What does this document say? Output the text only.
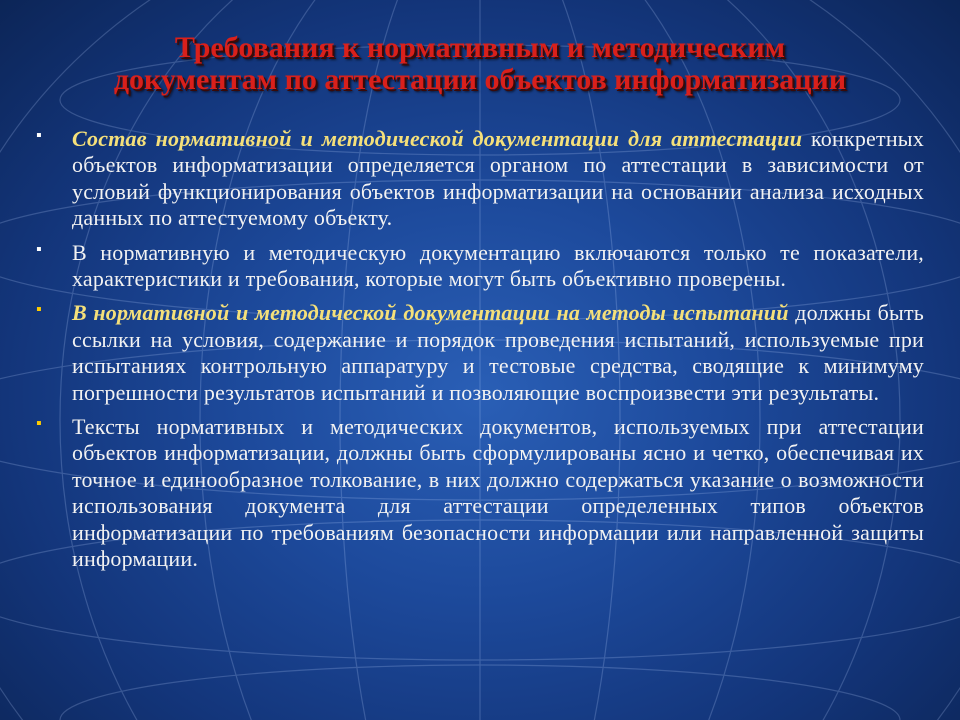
Требования к нормативным и методическим
документам по аттестации объектов информатизации
▪ Состав нормативной и методической документации для аттестации конкретных объектов информатизации определяется органом по аттестации в зависимости от условий функционирования объектов информатизации на основании анализа исходных данных по аттестуемому объекту.
▪ В нормативную и методическую документацию включаются только те показатели, характеристики и требования, которые могут быть объективно проверены.
▪ В нормативной и методической документации на методы испытаний должны быть ссылки на условия, содержание и порядок проведения испытаний, используемые при испытаниях контрольную аппаратуру и тестовые средства, сводящие к минимуму погрешности результатов испытаний и позволяющие воспроизвести эти результаты.
▪ Тексты нормативных и методических документов, используемых при аттестации объектов информатизации, должны быть сформулированы ясно и четко, обеспечивая их точное и единообразное толкование, в них должно содержаться указание о возможности использования документа для аттестации определенных типов объектов информатизации по требованиям безопасности информации или направленной защиты информации.
